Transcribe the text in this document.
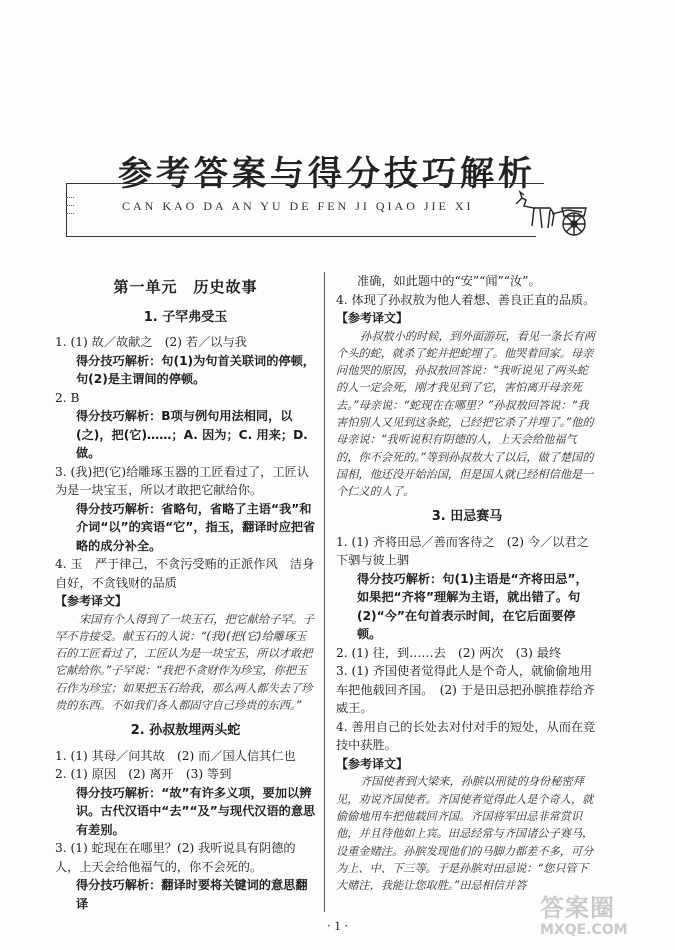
参考答案与得分技巧解析
CAN KAO DA AN YU DE FEN JI QIAO JIE XI
第一单元　历史故事
1. 子罕弗受玉

1. (1) 故／故献之　(2) 若／以与我

得分技巧解析：句(1)为句首关联词的停顿，句(2)是主谓间的停顿。

2. B

得分技巧解析：B项与例句用法相同，以(之)，把(它)……；A. 因为；C. 用来；D. 做。

3. (我)把(它)给雕琢玉器的工匠看过了，工匠认为是一块宝玉，所以才敢把它献给你。

得分技巧解析：省略句，省略了主语“我”和介词“以”的宾语“它”，指玉，翻译时应把省略的成分补全。

4. 玉　严于律己，不贪污受贿的正派作风　洁身自好，不贪钱财的品质

【参考译文】

宋国有个人得到了一块玉石，把它献给子罕。子罕不肯接受。献玉石的人说：“(我)(把(它)给雕琢玉石的工匠看过了，工匠认为是一块宝玉，所以才敢把它献给你。”子罕说：“我把不贪财作为珍宝，你把玉石作为珍宝；如果把玉石给我，那么两人都失去了珍贵的东西。不如我们各人都固守自己珍贵的东西。”

2. 孙叔敖埋两头蛇

1. (1) 其母／问其故　(2) 而／国人信其仁也

2. (1) 原因　(2) 离开　(3) 等到

得分技巧解析：“故”有许多义项，要加以辨识。古代汉语中“去”“及”与现代汉语的意思有差别。

3. (1) 蛇现在在哪里？(2) 我听说具有阴德的人，上天会给他福气的，你不会死的。

得分技巧解析：翻译时要将关键词的意思翻译

准确，如此题中的“安”“闻”“汝”。

4. 体现了孙叔敖为他人着想、善良正直的品质。

【参考译文】

孙叔敖小的时候，到外面游玩，看见一条长有两个头的蛇，就杀了蛇并把蛇埋了。他哭着回家。母亲问他哭的原因，孙叔敖回答说：“我听说见了两头蛇的人一定会死，刚才我见到了它，害怕离开母亲死去。”母亲说：“蛇现在在哪里？”孙叔敖回答说：“我害怕别人又见到这条蛇，已经把它杀了并埋了。”他的母亲说：“我听说积有阴德的人，上天会给他福气的，你不会死的。”等到孙叔敖大了以后，做了楚国的国相，他还没开始治国，但是国人就已经相信他是一个仁义的人了。

3. 田忌赛马

1. (1) 齐将田忌／善而客待之　(2) 今／以君之下驷与彼上驷

得分技巧解析：句(1)主语是“齐将田忌”，如果把“齐将”理解为主语，就出错了。句(2)“今”在句首表示时间，在它后面要停顿。

2. (1) 往，到……去　(2) 两次　(3) 最终

3. (1) 齐国使者觉得此人是个奇人，就偷偷地用车把他载回齐国。　(2) 于是田忌把孙膑推荐给齐威王。

4. 善用自己的长处去对付对手的短处，从而在竞技中获胜。

【参考译文】

齐国使者到大梁来，孙膑以刑徒的身份秘密拜见，劝说齐国使者。齐国使者觉得此人是个奇人，就偷偷地用车把他载回齐国。齐国将军田忌非常赏识他，并且待他如上宾。田忌经常与齐国诸公子赛马，设重金赌注。孙膑发现他们的马脚力都差不多，可分为上、中、下三等。于是孙膑对田忌说：“您只管下大赌注，我能让您取胜。”田忌相信并答

· 1 ·
答案圈
MXQE.COM
